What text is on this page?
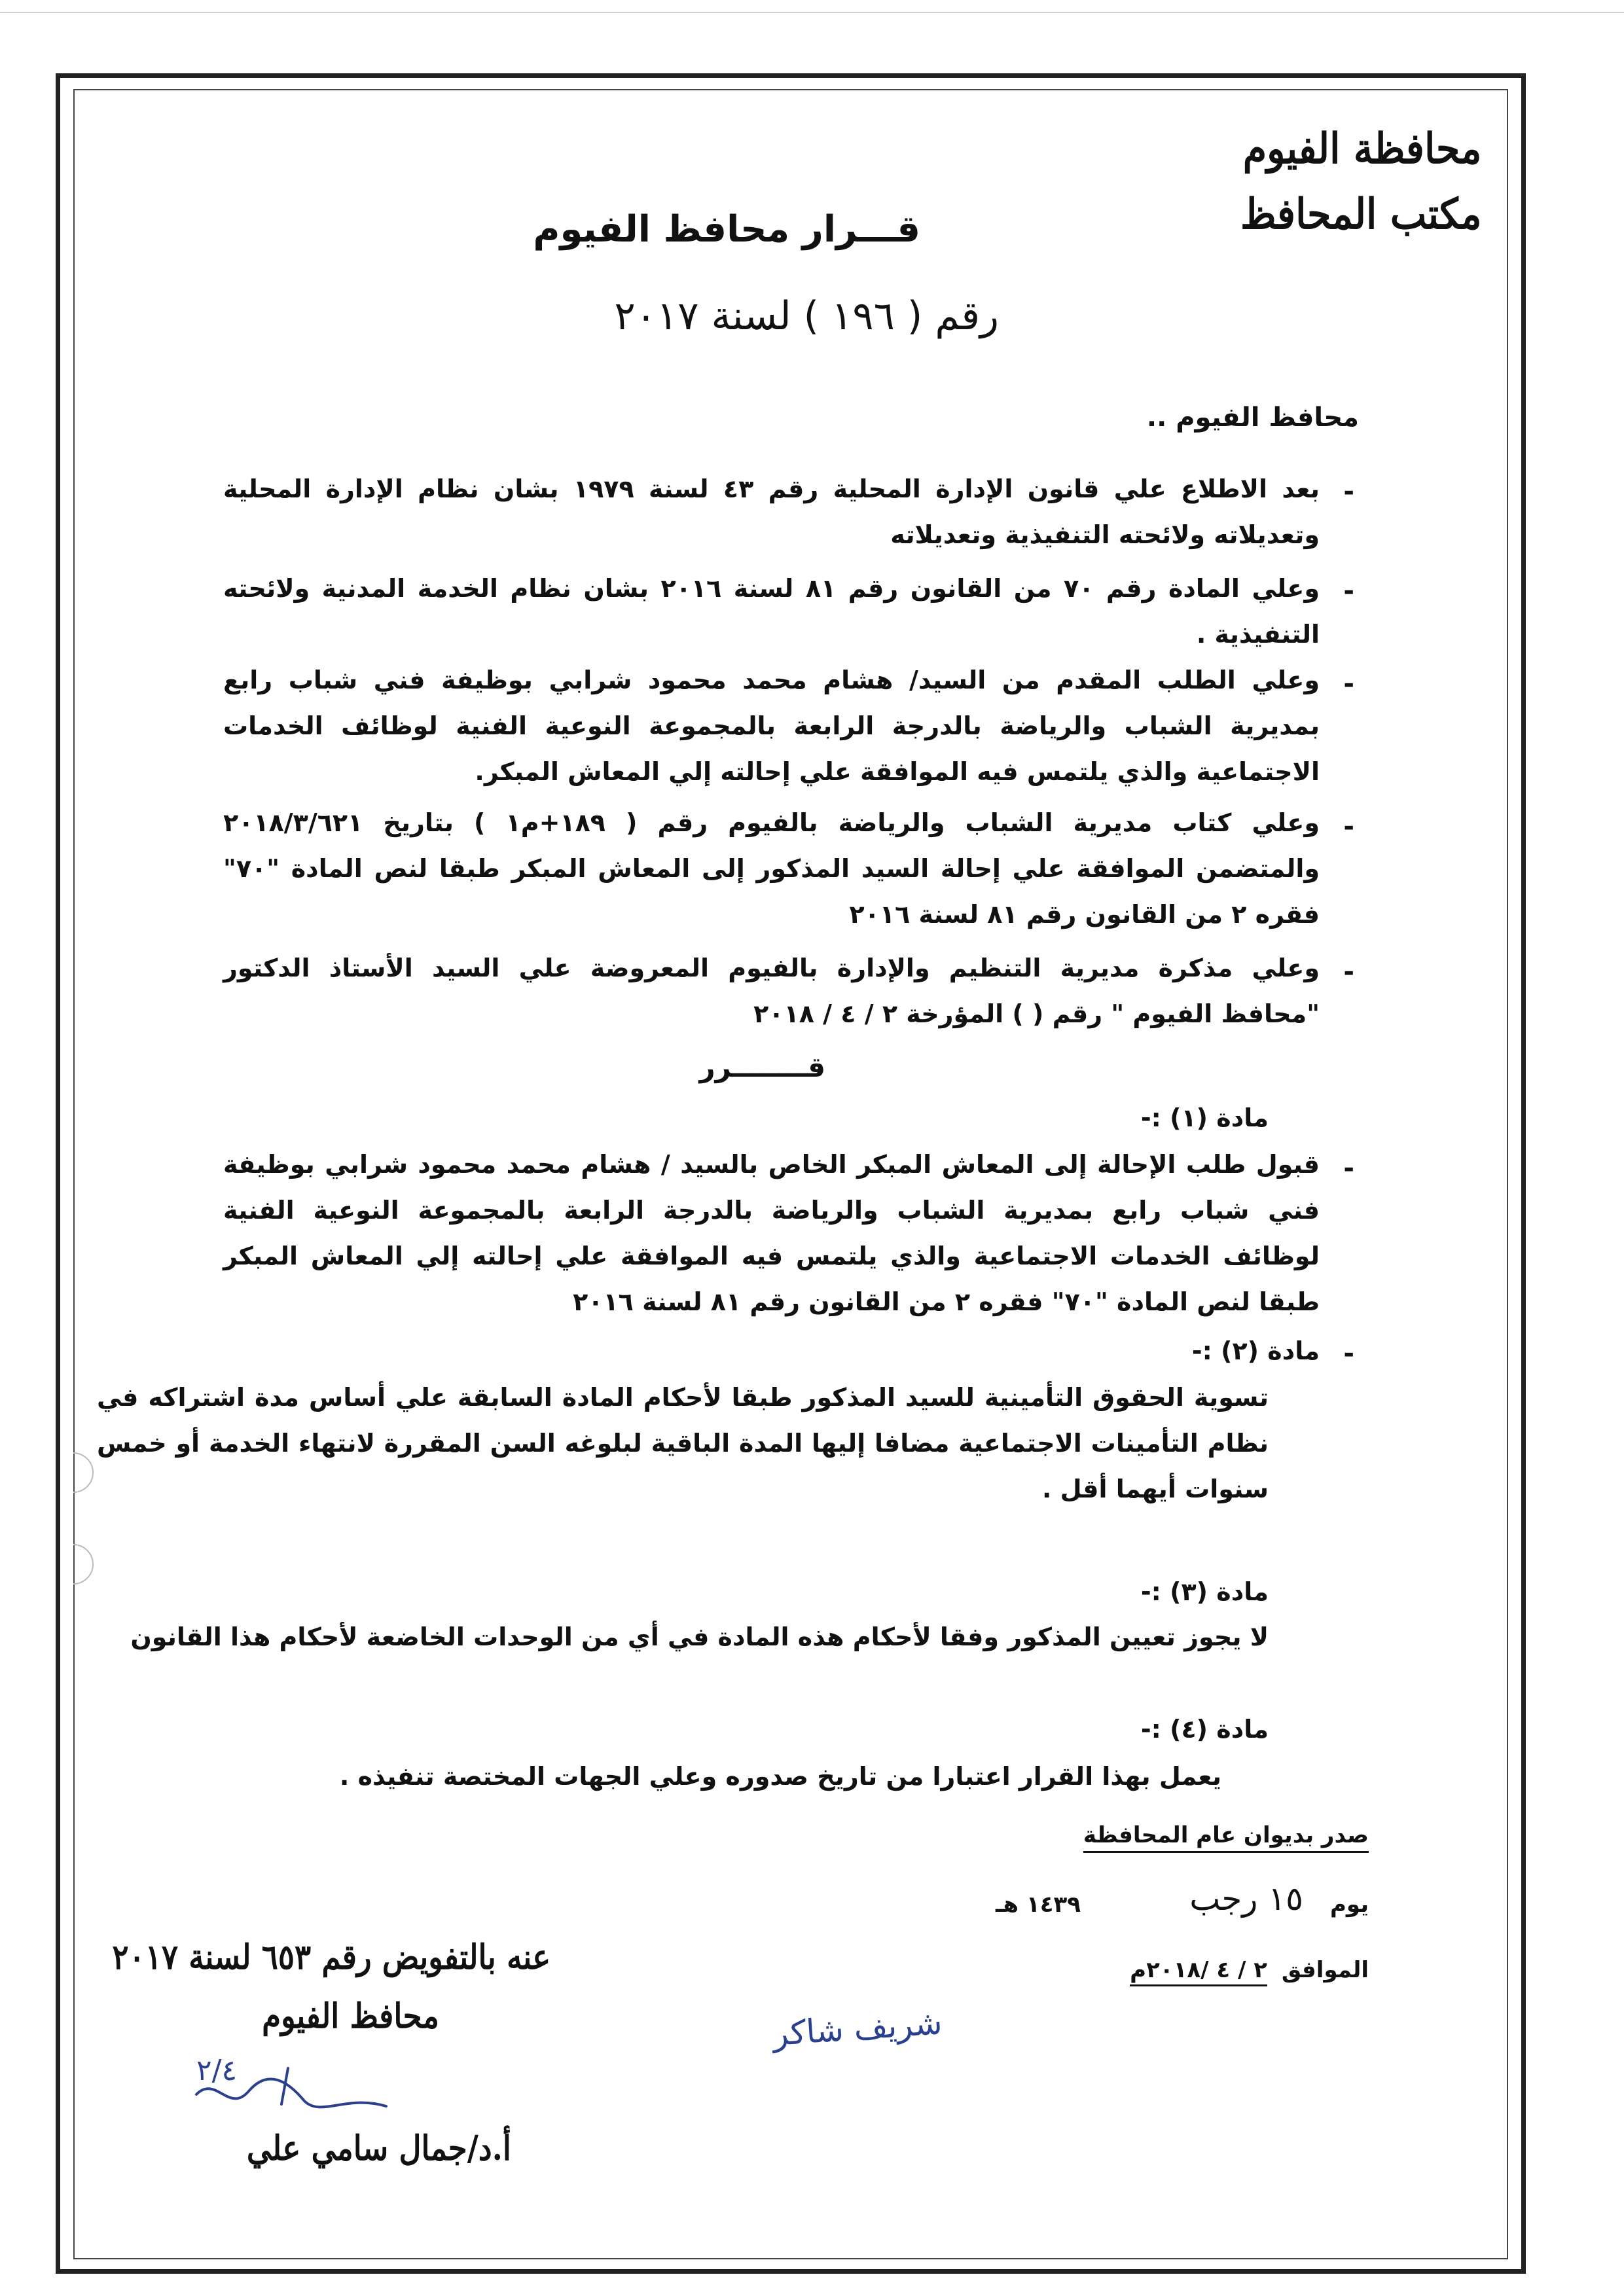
محافظة الفيوم
مكتب المحافظ
قـــرار محافظ الفيوم
رقم ( ١٩٦ ) لسنة ٢٠١٧
محافظ الفيوم ..
-
بعد الاطلاع علي قانون الإدارة المحلية رقم ٤٣ لسنة ١٩٧٩ بشان نظام الإدارة المحلية وتعديلاته ولائحته التنفيذية وتعديلاته
-
وعلي المادة رقم ٧٠ من القانون رقم ٨١ لسنة ٢٠١٦ بشان نظام الخدمة المدنية ولائحته التنفيذية .
-
وعلي الطلب المقدم من السيد/ هشام محمد محمود شرابي بوظيفة فني شباب رابع بمديرية الشباب والرياضة بالدرجة الرابعة بالمجموعة النوعية الفنية لوظائف الخدمات الاجتماعية والذي يلتمس فيه الموافقة علي إحالته إلي المعاش المبكر.
-
وعلي كتاب مديرية الشباب والرياضة بالفيوم رقم ( ١٨٩+م١ ) بتاريخ ٢٠١٨/٣/٦٢١ والمتضمن الموافقة علي إحالة السيد المذكور إلى المعاش المبكر طبقا لنص المادة "٧٠" فقره ٢ من القانون رقم ٨١ لسنة ٢٠١٦
-
وعلي مذكرة مديرية التنظيم والإدارة بالفيوم المعروضة علي السيد الأستاذ الدكتور "محافظ الفيوم " رقم ( ) المؤرخة ٢ / ٤ / ٢٠١٨
قــــــــرر
مادة (١) :-
-
قبول طلب الإحالة إلى المعاش المبكر الخاص بالسيد / هشام محمد محمود شرابي بوظيفة فني شباب رابع بمديرية الشباب والرياضة بالدرجة الرابعة بالمجموعة النوعية الفنية لوظائف الخدمات الاجتماعية والذي يلتمس فيه الموافقة علي إحالته إلي المعاش المبكر طبقا لنص المادة "٧٠" فقره ٢ من القانون رقم ٨١ لسنة ٢٠١٦
-
مادة (٢) :-
تسوية الحقوق التأمينية للسيد المذكور طبقا لأحكام المادة السابقة علي أساس مدة اشتراكه في نظام التأمينات الاجتماعية مضافا إليها المدة الباقية لبلوغه السن المقررة لانتهاء الخدمة أو خمس سنوات أيهما أقل .
مادة (٣) :-
لا يجوز تعيين المذكور وفقا لأحكام هذه المادة في أي من الوحدات الخاضعة لأحكام هذا القانون
مادة (٤) :-
يعمل بهذا القرار اعتبارا من تاريخ صدوره وعلي الجهات المختصة تنفيذه .
صدر بديوان عام المحافظة
يوم
١٥ رجب
١٤٣٩ هـ
الموافق
٢ / ٤ /٢٠١٨م
عنه بالتفويض رقم ٦٥٣ لسنة ٢٠١٧
محافظ الفيوم
٢/٤
أ.د/جمال سامي علي
شريف شاكر
